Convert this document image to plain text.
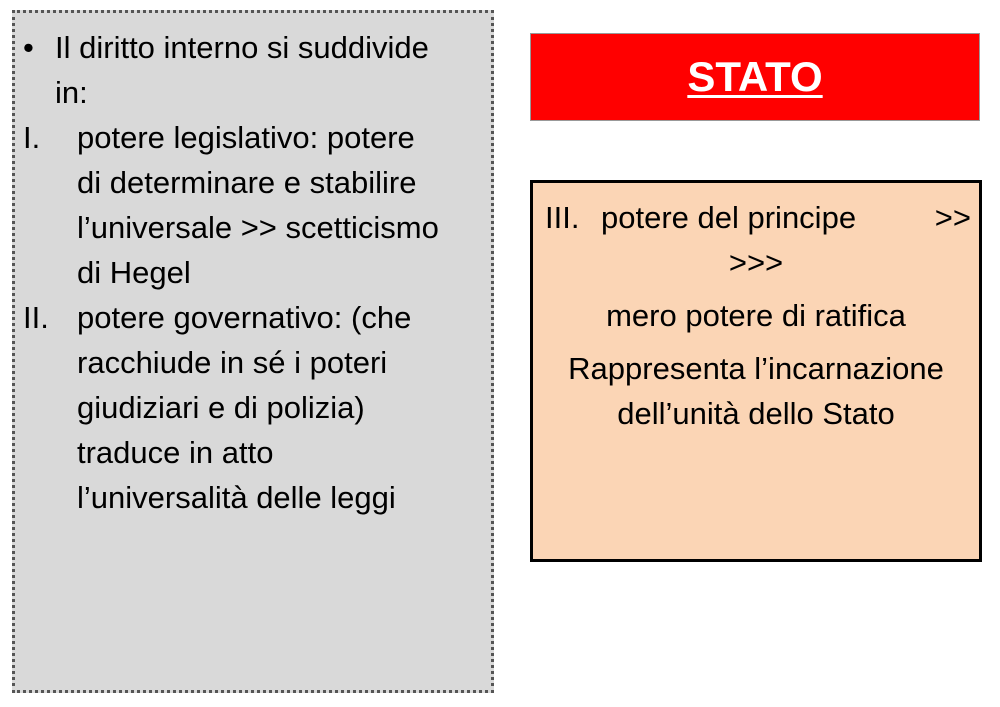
• Il diritto interno si suddivide
in:
I.	potere legislativo: potere
di determinare e stabilire
l’universale >> scetticismo
di Hegel
II. potere governativo: (che
racchiude in sé i poteri
giudiziari e di polizia)
traduce in atto
l’universalità delle leggi
STATO
III. potere del principe	>>
>>>
mero potere di ratifica
Rappresenta l’incarnazione
dell’unità dello Stato
